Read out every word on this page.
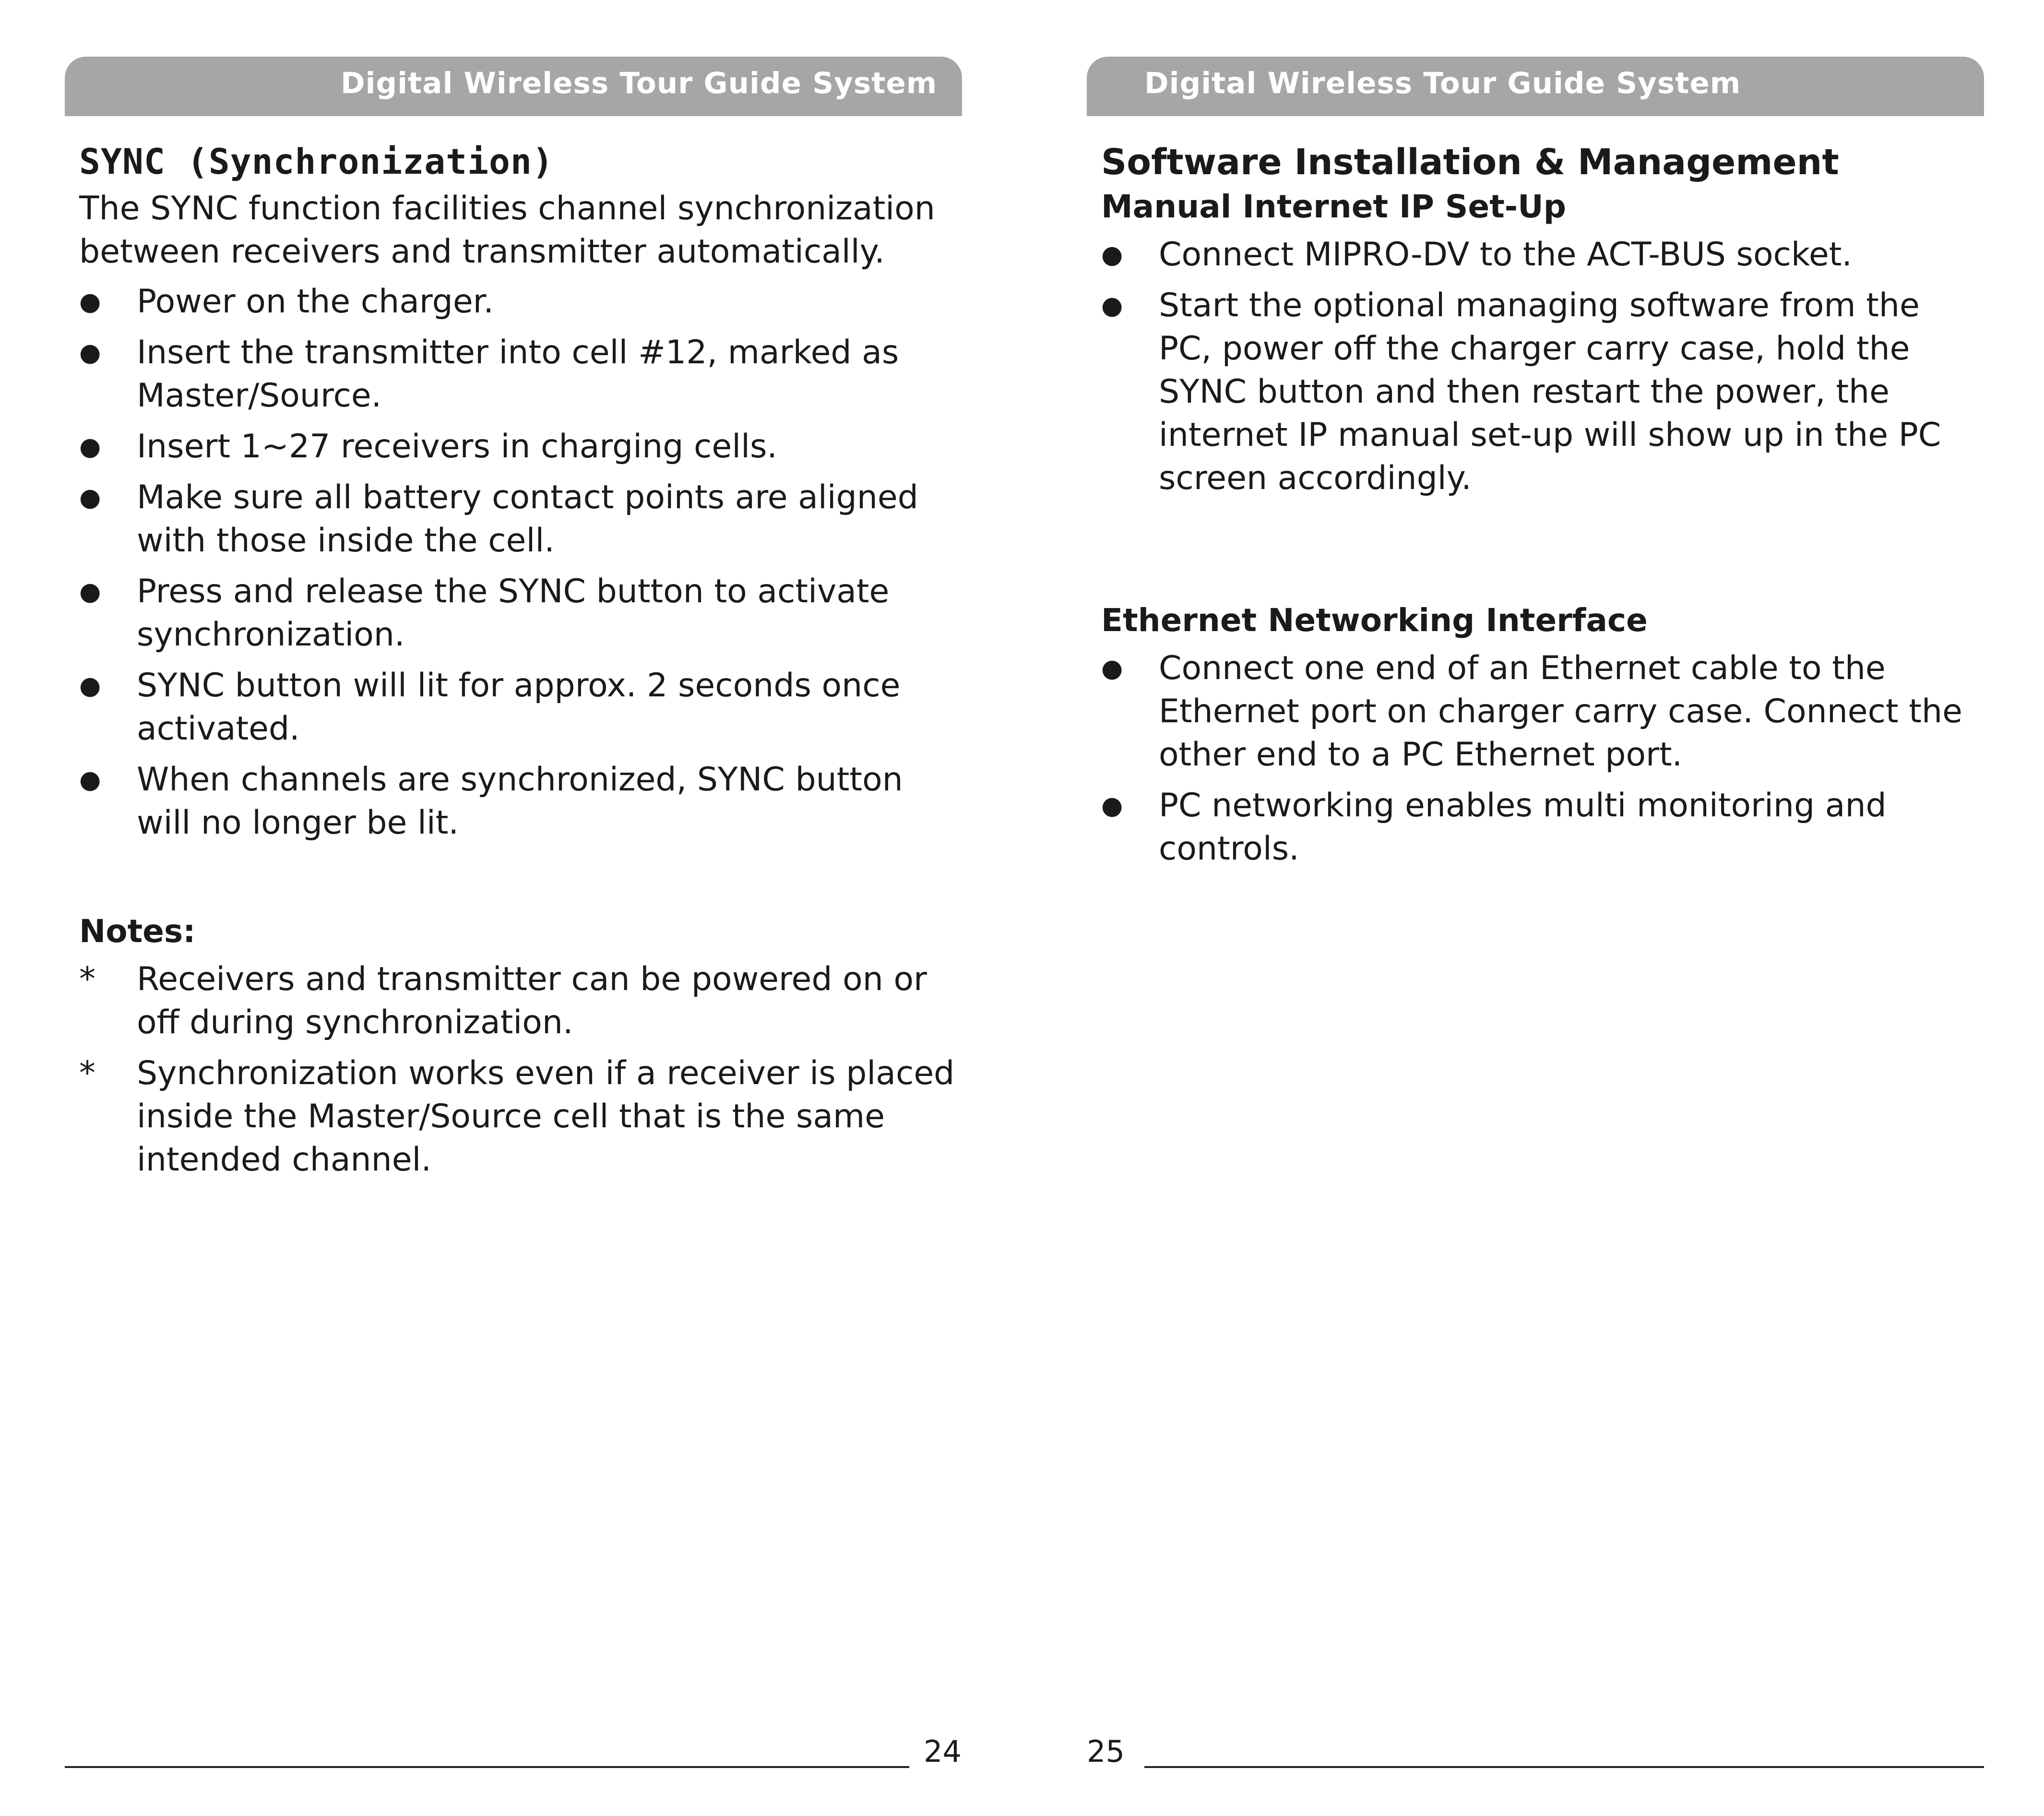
Digital Wireless Tour Guide System
SYNC (Synchronization)

The SYNC function facilities channel synchronization between receivers and transmitter automatically.

● Power on the charger.
● Insert the transmitter into cell #12, marked as Master/Source.
● Insert 1~27 receivers in charging cells.
● Make sure all battery contact points are aligned with those inside the cell.
● Press and release the SYNC button to activate synchronization.
● SYNC button will lit for approx. 2 seconds once activated.
● When channels are synchronized, SYNC button will no longer be lit.
Notes:
*	Receivers and transmitter can be powered on or off during synchronization.
*	Synchronization works even if a receiver is placed inside the Master/Source cell that is the same intended channel.
24
Digital Wireless Tour Guide System
Software Installation & Management
Manual Internet IP Set-Up
● Connect MIPRO-DV to the ACT-BUS socket.
● Start the optional managing software from the PC, power off the charger carry case, hold the SYNC button and then restart the power, the internet IP manual set-up will show up in the PC screen accordingly.
Ethernet Networking Interface
● Connect one end of an Ethernet cable to the Ethernet port on charger carry case. Connect the other end to a PC Ethernet port.
● PC networking enables multi monitoring and controls.
25
